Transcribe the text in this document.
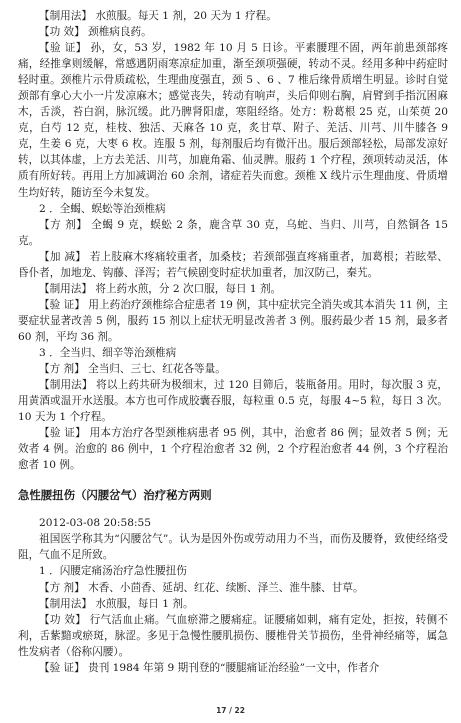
【制用法】 水煎服。每天 1 剂，20 天为 1 疗程。

【功 效】 颈椎病良药。

【验 证】 孙，女，53 岁，1982 年 10 月 5 日诊。平素腰理不固，两年前患颈部疼痛，经推拿则缓解，常感遇阴雨寒凉症加重，渐至颈项强硬，转动不灵。经用多种中药症时轻时重。颈椎片示骨质疏松，生理曲度强直，颈 5 、6 、7 椎后缘骨质增生明显。诊时自觉颈部有拿心大小一片发凉麻木；感觉丧失，转动有响声，头后仰则右胸，肩臂到手指沉困麻木，舌淡，苔白润，脉沉缓。此乃脾肾阳虚，寒阻经络。处方：粉葛根 25 克，山茱萸 20 克，白芍 12 克，桂枝、独活、天麻各 10 克，炙甘草、附子、羌活、川芎、川牛膝各 9 克，生姜 6 克，大枣 6 枚。连服 5 剂，每剂服后均有微汗出。服后颈部轻松，局部发凉好转，以其体虚，上方去羌活、川芎，加鹿角霜、仙灵脾。服药 1 个疗程，颈项转动灵活，体质有所好转。再用上方加减调治 60 余剂，诸症若失而愈。颈椎 X 线片示生理曲度、骨质增生均好转，随访至今未复发。

2 ．全蝎、蜈蚣等治颈椎病

【方 剂】 全蝎 9 克，蜈蚣 2 条，鹿含草 30 克，乌蛇、当归、川芎，自然铜各 15 克。

【加 减】 若上肢麻木疼痛较重者，加桑枝；若颈部强直疼痛重者，加葛根；若眩晕、昏仆者，加地龙、钩藤、泽泻；若气候剧变时症状加重者，加汉防己，秦艽。

【制用法】 将上药水煎，分 2 次口服，每日 1 剂。

【验 证】 用上药治疗颈椎综合症患者 19 例，其中症状完全消失或其本消失 11 例，主要症状显著改善 5 例，服药 15 剂以上症状无明显改善者 3 例。服药最少者 15 剂，最多者 60 剂，平均 36 剂。

3 ．全当归、细辛等治颈椎病

【方 剂】 全当归、三七、红花各等量。

【制用法】 将以上药共研为极细末，过 120 目筛后，装瓶备用。用时，每次服 3 克，用黄酒或温开水送服。本方也可作成胶囊吞服，每粒重 0.5 克，每服 4~5 粒，每日 3 次。10 天为 1 个疗程。

【验 证】 用本方治疗各型颈椎病患者 95 例，其中，治愈者 86 例；显效者 5 例；无效者 4 例。治愈的 86 例中，1 个疗程治愈者 32 例，2 个疗程治愈者 44 例，3 个疗程治愈者 10 例。

急性腰扭伤（闪腰岔气）治疗秘方两则

2012-03-08 20:58:55

祖国医学称其为“闪腰岔气”。认为是因外伤或劳动用力不当，而伤及腰脊，致使经络受阻，气血不足所致。

1 ．闪腰定痛汤治疗急性腰扭伤

【方 剂】 木香、小茴香、延胡、红花、续断、泽兰、淮牛膝、甘草。

【制用法】 水煎服，每日 1 剂。

【功 效】 行气活血止痛。气血瘀滞之腰痛症。证腰痛如刺，痛有定处，拒按，转侧不利，舌紫黯或瘀斑，脉涩。多见于急慢性腰肌损伤、腰椎骨关节损伤，坐骨神经痛等，属急性发病者（俗称闪腰）。

【验 证】 贵刊 1984 年第 9 期刊登的“腰腿痛证治经验”一文中，作者介

17 / 22
